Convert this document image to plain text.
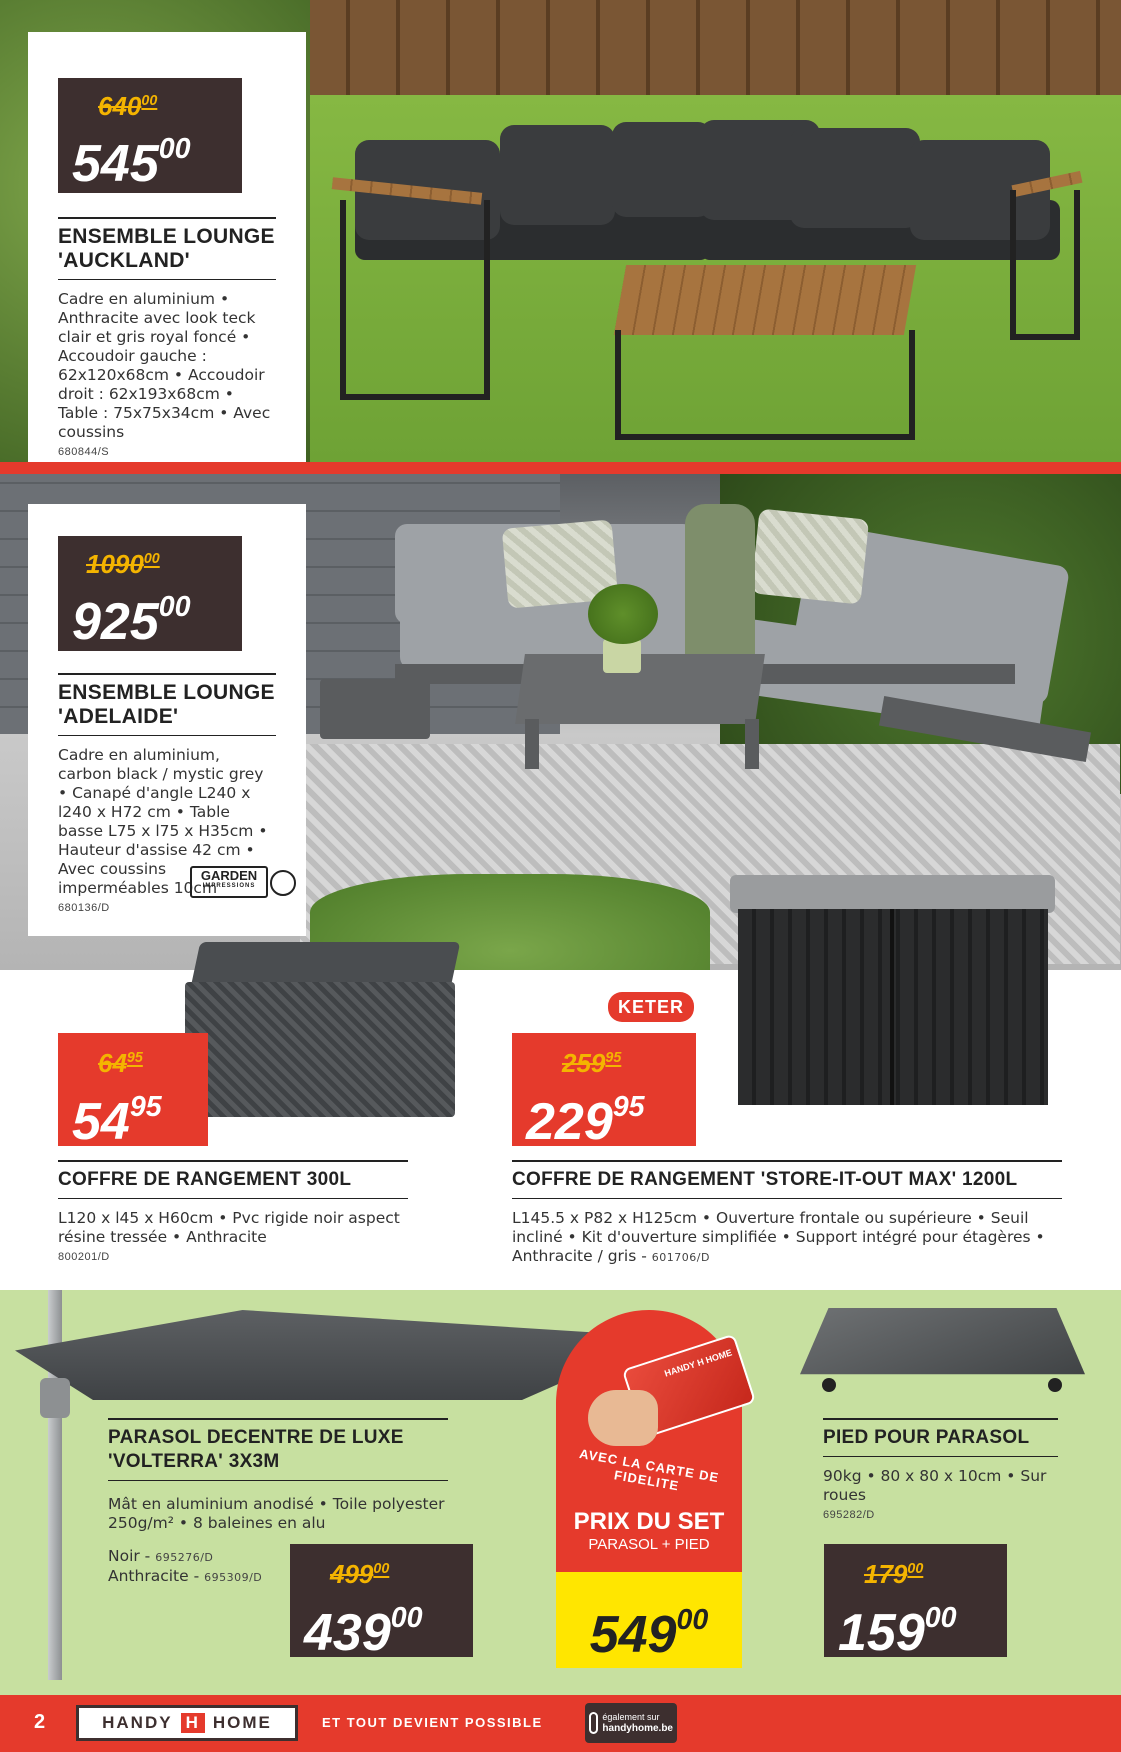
$640^{00}$
$545^{00}$
ENSEMBLE LOUNGE 'AUCKLAND'
Cadre en aluminium • Anthracite avec look teck clair et gris royal foncé • Accoudoir gauche : 62x120x68cm • Accoudoir droit : 62x193x68cm • Table : 75x75x34cm • Avec coussins
680844/S
1090$^{00}$
$925^{00}$
ENSEMBLE LOUNGE 'ADELAIDE'
Cadre en aluminium, carbon black / mystic grey • Canapé d'angle L240 x l240 x H72 cm • Table basse L75 x l75 x H35cm • Hauteur d'assise 42 cm • Avec coussins imperméables 10cm
680136/D
GARDEN
IMPRESSIONS
$64^{95}$
$54^{95}$
COFFRE DE RANGEMENT 300L
L120 x l45 x H60cm • Pvc rigide noir aspect résine tressée • Anthracite
800201/D
KETER
$259^{95}$
$229^{95}$
COFFRE DE RANGEMENT 'STORE-IT-OUT MAX' 1200L
L145.5 x P82 x H125cm • Ouverture frontale ou supérieure • Seuil incliné • Kit d'ouverture simplifiée • Support intégré pour étagères • Anthracite / gris - 601706/D
PARASOL DECENTRE DE LUXE 'VOLTERRA' 3X3M
Mât en aluminium anodisé • Toile polyester 250g/m² • 8 baleines en alu
Noir - 695276/D
Anthracite - 695309/D	$499^{00}$
$439^{00}$
HANDY H HOME
AVEC LA CARTE DE FIDELITE
PRIX DU SET
PARASOL + PIED
$549^{00}$
PIED POUR PARASOL
90kg • 80 x 80 x 10cm • Sur roues
695282/D
$179^{00}$
$159^{00}$
2	HANDY H HOME	ET TOUT DEVIENT POSSIBLE	également sur
handyhome.be
